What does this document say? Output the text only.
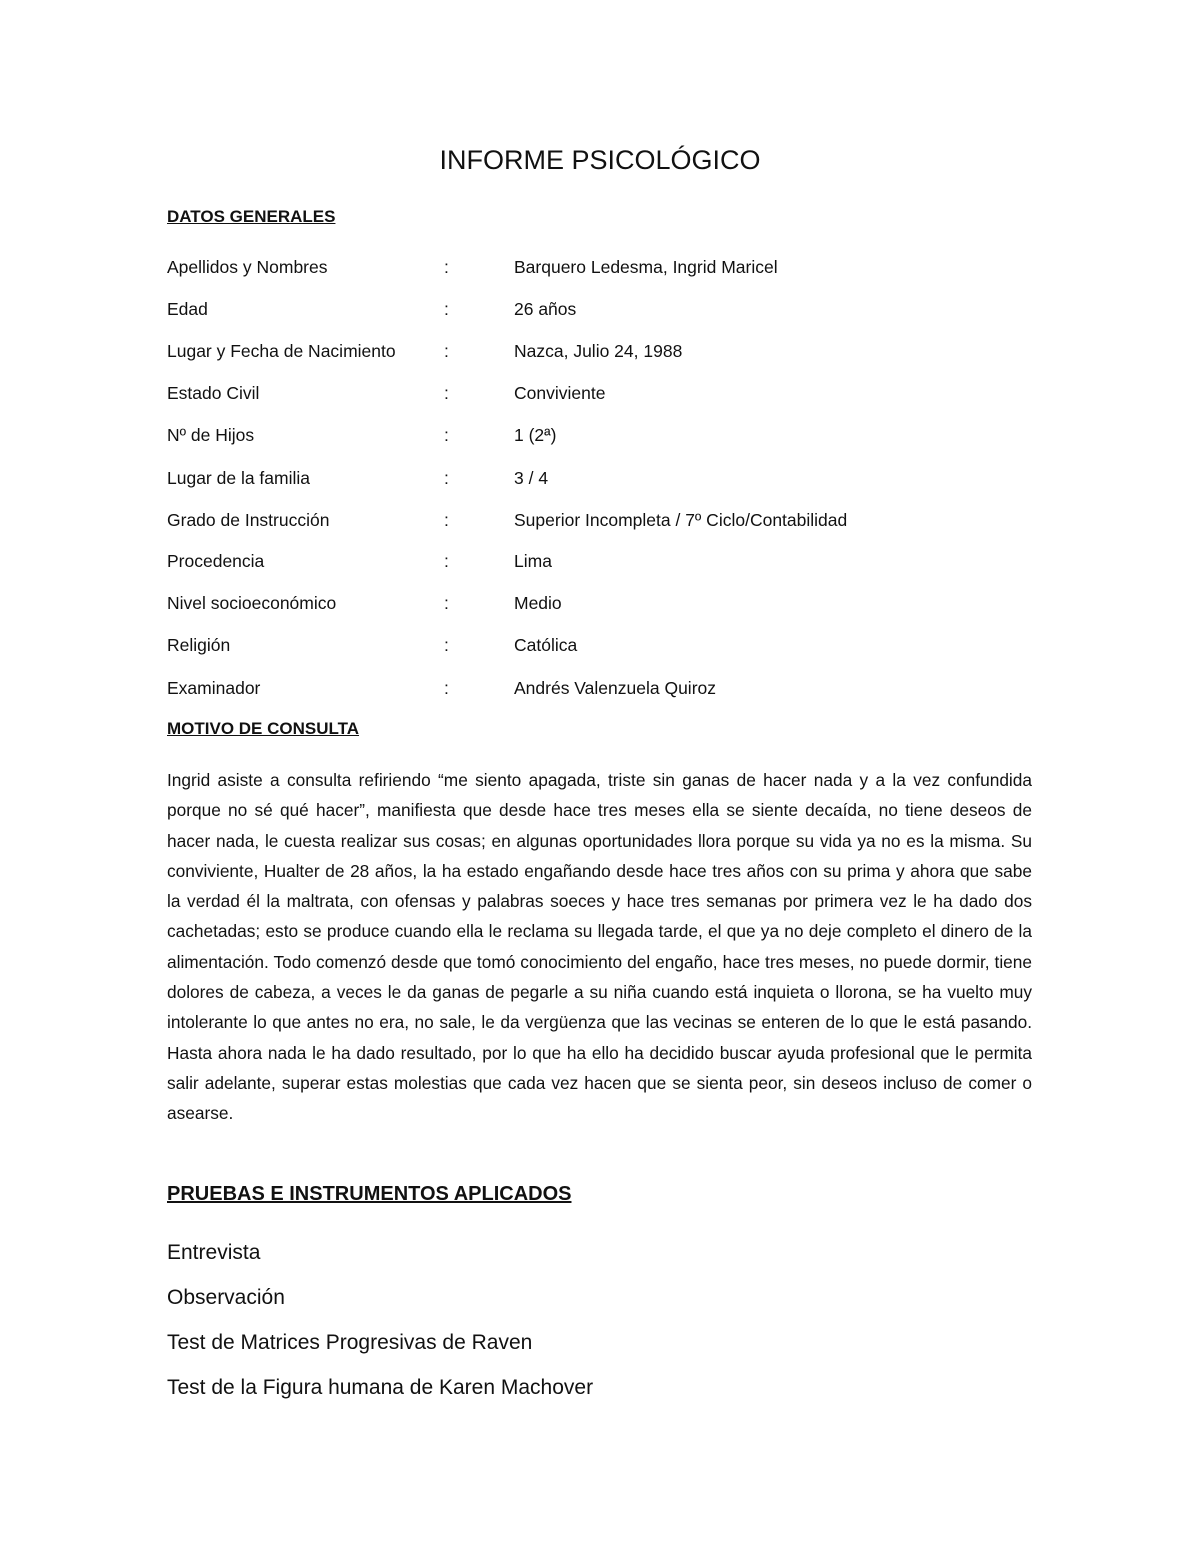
INFORME PSICOLÓGICO
DATOS GENERALES
Apellidos y Nombres	:	Barquero Ledesma, Ingrid Maricel
Edad	:	26 años
Lugar y Fecha de Nacimiento	:	Nazca, Julio 24, 1988
Estado Civil	:	Conviviente
Nº de Hijos	:	1 (2ª)
Lugar de la familia	:	3 / 4
Grado de Instrucción	:	Superior Incompleta / 7º Ciclo/Contabilidad
Procedencia	:	Lima
Nivel socioeconómico	:	Medio
Religión	:	Católica
Examinador	:	Andrés Valenzuela Quiroz
MOTIVO DE CONSULTA

Ingrid asiste a consulta refiriendo “me siento apagada, triste sin ganas de hacer nada y a la vez confundida porque no sé qué hacer”, manifiesta que desde hace tres meses ella se siente decaída, no tiene deseos de hacer nada, le cuesta realizar sus cosas; en algunas oportunidades llora porque su vida ya no es la misma. Su conviviente, Hualter de 28 años, la ha estado engañando desde hace tres años con su prima y ahora que sabe la verdad él la maltrata, con ofensas y palabras soeces y hace tres semanas por primera vez le ha dado dos cachetadas; esto se produce cuando ella le reclama su llegada tarde, el que ya no deje completo el dinero de la alimentación. Todo comenzó desde que tomó conocimiento del engaño, hace tres meses, no puede dormir, tiene dolores de cabeza, a veces le da ganas de pegarle a su niña cuando está inquieta o llorona, se ha vuelto muy intolerante lo que antes no era, no sale, le da vergüenza que las vecinas se enteren de lo que le está pasando. Hasta ahora nada le ha dado resultado, por lo que ha ello ha decidido buscar ayuda profesional que le permita salir adelante, superar estas molestias que cada vez hacen que se sienta peor, sin deseos incluso de comer o asearse.

PRUEBAS E INSTRUMENTOS APLICADOS
Entrevista
Observación
Test de Matrices Progresivas de Raven
Test de la Figura humana de Karen Machover
